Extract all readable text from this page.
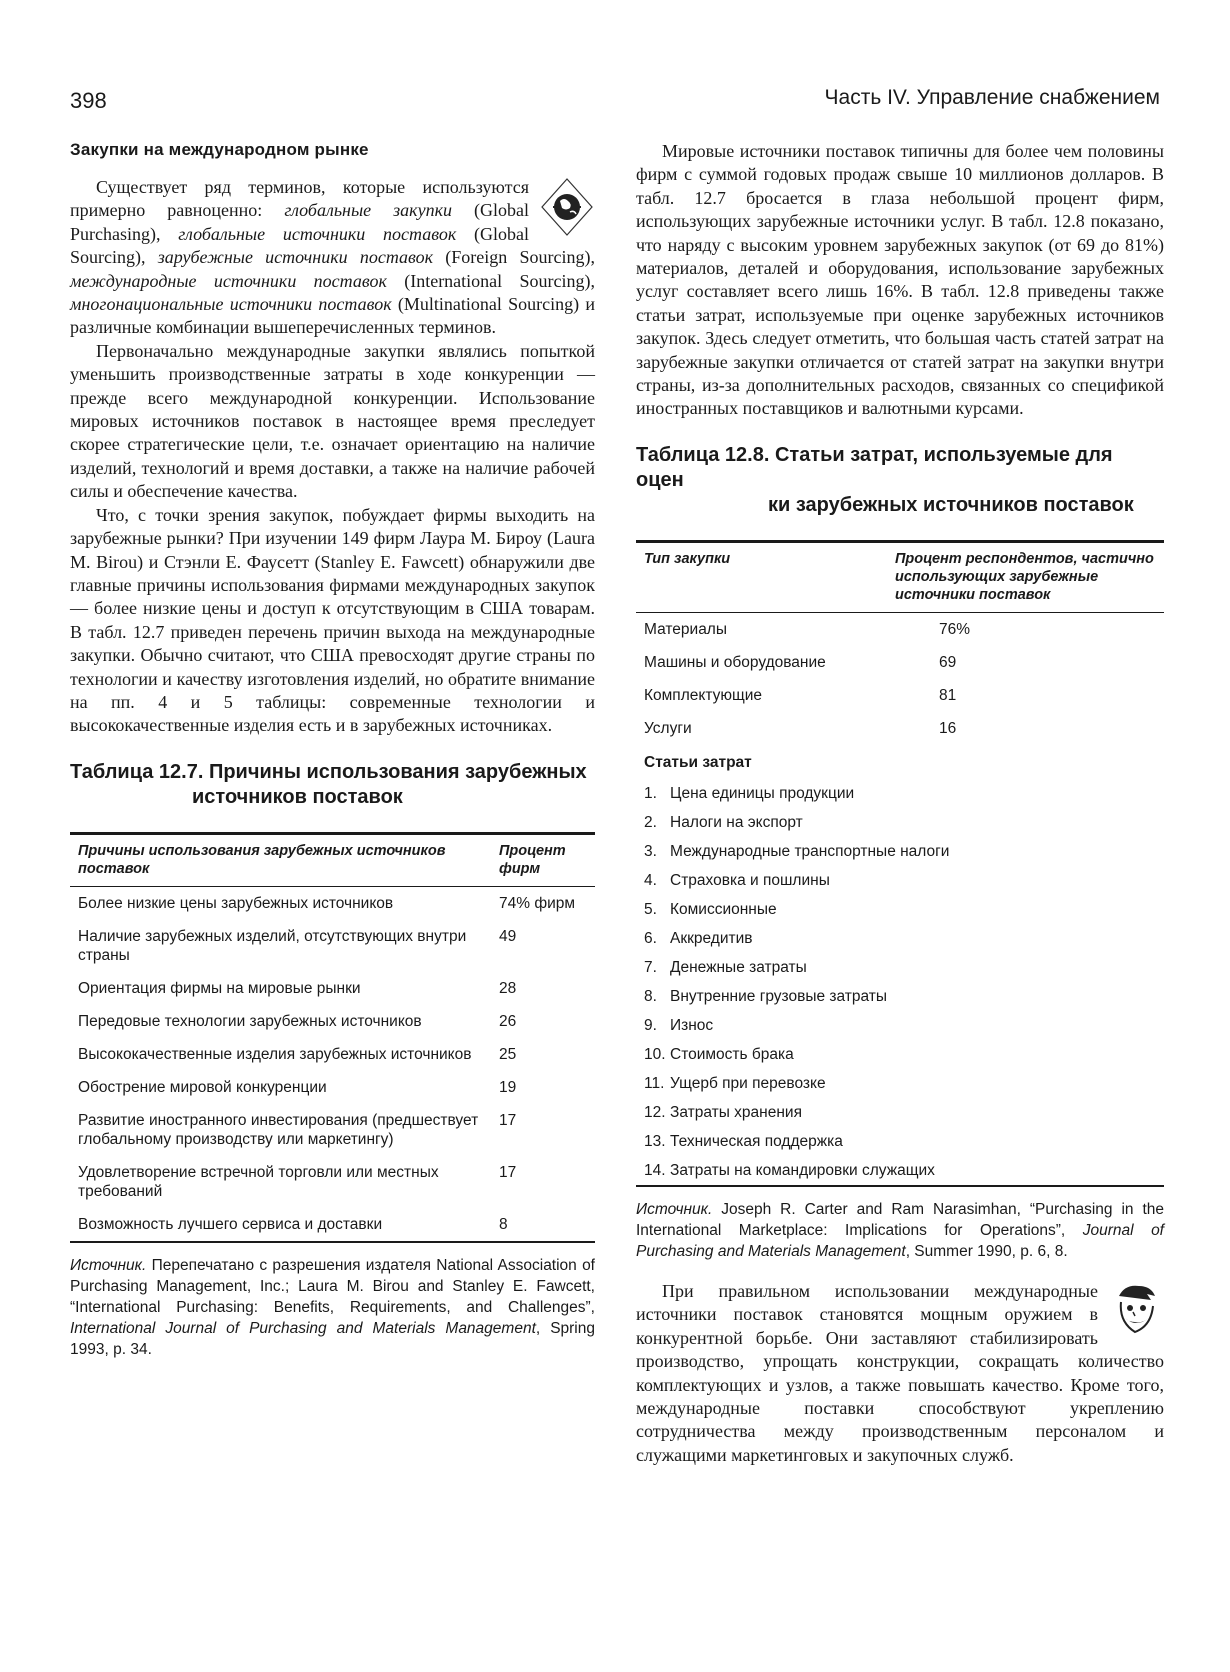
398	Часть IV. Управление снабжением
Закупки на международном рынке

Существует ряд терминов, которые используются примерно равноценно: глобальные закупки (Global Purchasing), глобальные источники поставок (Global Sourcing), зарубежные источники поставок (Foreign Sourcing), международные источники поставок (International Sourcing), многонациональные источники поставок (Multinational Sourcing) и различные комбинации вышеперечисленных терминов.

Первоначально международные закупки являлись попыткой уменьшить производственные затраты в ходе конкуренции — прежде всего международной конкуренции. Использование мировых источников поставок в настоящее время преследует скорее стратегические цели, т.е. означает ориентацию на наличие изделий, технологий и время доставки, а также на наличие рабочей силы и обеспечение качества.

Что, с точки зрения закупок, побуждает фирмы выходить на зарубежные рынки? При изучении 149 фирм Лаура М. Бироу (Laura M. Birou) и Стэнли Е. Фаусетт (Stanley E. Fawcett) обнаружили две главные причины использования фирмами международных закупок — более низкие цены и доступ к отсутствующим в США товарам. В табл. 12.7 приведен перечень причин выхода на международные закупки. Обычно считают, что США превосходят другие страны по технологии и качеству изготовления изделий, но обратите внимание на пп. 4 и 5 таблицы: современные технологии и высококачественные изделия есть и в зарубежных источниках.

Таблица 12.7. Причины использования зарубежных
источников поставок
Причины использования зарубежных источников поставок	Процент фирм
Более низкие цены зарубежных источников	74% фирм
Наличие зарубежных изделий, отсутствующих внутри страны	49
Ориентация фирмы на мировые рынки	28
Передовые технологии зарубежных источников	26
Высококачественные изделия зарубежных источников	25
Обострение мировой конкуренции	19
Развитие иностранного инвестирования (предшествует глобальному производству или маркетингу)	17
Удовлетворение встречной торговли или местных требований	17
Возможность лучшего сервиса и доставки	8
Источник. Перепечатано с разрешения издателя National Association of Purchasing Management, Inc.; Laura M. Birou and Stanley E. Fawcett, “International Purchasing: Benefits, Requirements, and Challenges”, International Journal of Purchasing and Materials Management, Spring 1993, p. 34.

Мировые источники поставок типичны для более чем половины фирм с суммой годовых продаж свыше 10 миллионов долларов. В табл. 12.7 бросается в глаза небольшой процент фирм, использующих зарубежные источники услуг. В табл. 12.8 показано, что наряду с высоким уровнем зарубежных закупок (от 69 до 81%) материалов, деталей и оборудования, использование зарубежных услуг составляет всего лишь 16%. В табл. 12.8 приведены также статьи затрат, используемые при оценке зарубежных источников закупок. Здесь следует отметить, что большая часть статей затрат на зарубежные закупки отличается от статей затрат на закупки внутри страны, из-за дополнительных расходов, связанных со спецификой иностранных поставщиков и валютными курсами.

Таблица 12.8. Статьи затрат, используемые для оцен
ки зарубежных источников поставок
Тип закупки	Процент респондентов, частично использующих зарубежные источники поставок
Материалы	76%
Машины и оборудование	69
Комплектующие	81
Услуги	16
Статьи затрат	
1. Цена единицы продукции	
2. Налоги на экспорт	
3. Международные транспортные налоги	
4. Страховка и пошлины	
5. Комиссионные	
6. Аккредитив	
7. Денежные затраты	
8. Внутренние грузовые затраты	
9. Износ	
10. Стоимость брака	
11. Ущерб при перевозке	
12. Затраты хранения	
13. Техническая поддержка	
14. Затраты на командировки служащих	
Источник. Joseph R. Carter and Ram Narasimhan, “Purchasing in the International Marketplace: Implications for Operations”, Journal of Purchasing and Materials Management, Summer 1990, p. 6, 8.

При правильном использовании международные источники поставок становятся мощным оружием в конкурентной борьбе. Они заставляют стабилизировать производство, упрощать конструкции, сокращать количество комплектующих и узлов, а также повышать качество. Кроме того, международные поставки способствуют укреплению сотрудничества между производственным персоналом и служащими маркетинговых и закупочных служб.
